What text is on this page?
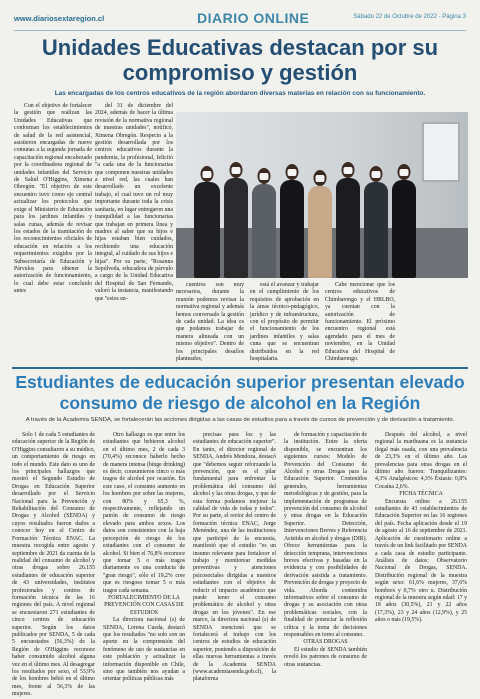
www.diariosextaregion.cl	DIARIO ONLINE	Sábado 22 de Octubre de 2022 - Página 3
Unidades Educativas destacan por su compromiso y gestión
Las encargadas de los centros educativos de la región abordaron diversas materias en relación con su funcionamiento.

Con el objetivo de fortalecer la gestión que realizan las Unidades Educativas que conforman los establecimientos de salud de la red asistencial, asistieron encargadas de nueve comunas a la segunda jornada de capacitación regional encabezado por la coordinadora regional de unidades infantiles del Servicio de Salud O'Higgins, Ximena Obregón. "El objetivo de este encuentro tuvo como eje central actualizar los protocolos que exige el Ministerio de Educación para los jardines infantiles y salas cunas, además de revisar los estados de la tramitación de los reconocimientos oficiales de educación en relación a los requerimientos exigidos por la Subsecretaría de Educación y Párvulos para obtener la autorización de funcionamiento, lo cual debe estar concluido antes

del 31 de diciembre del 2024, además de hacer la última revisión de la normativa regional de nuestras unidades", notificó, Ximena Obregón. Respecto a la gestión desarrollada por los centros educativos durante la pandemia, la profesional, felicitó "a cada una de la funcionarias que componen nuestras unidades a nivel red, las cuales han desarrollado un excelente trabajo, el cual tuvo un rol muy importante durante toda la crisis sanitaria, en lugar entregaron una tranquilidad a las funcionarias que trabajan en primera línea y madres al saber que su hijos e hijas estaban bien cuidados, recibiendo una educación integral, al cuidado de sus hijos e hijas". Por su parte, "Rosanna Sepúlveda, educadora de párvulo a cargo de la Unidad Educativa del Hospital de San Fernando, valoró la instancia, manifestando que "estos en-

cuentros son muy necesarios, durante la reunión podemos revisar la normativa regional y además hemos conversado la gestión de cada unidad. La idea es que podamos trabajar de manera alineada con un mismo objetivo". Dentro de los principales desafíos planteados,

está el avanzar y trabajar en el cumplimiento de los requisitos de aprobación en la áreas técnico-pedagógico, jurídico y de infraestructura, con el propósito de permitir el funcionamiento de los jardines infantiles y salas cuna que se encuentran distribuidos en la red hospitalaria.

Cabe mencionar que los centros educativos de Chimbarongo y el HRLBO, ya cuentan con la autorización de funcionamiento. El próximo encuentro regional está agendado para el mes de noviembre, en la Unidad Educativa del Hospital de Chimbarongo.

Estudiantes de educación superior presentan elevado consumo de riesgo de alcohol en la Región
A través de la Academia SENDA, se fortalecerán las acciones dirigidas a las casas de estudios para a través de cursos de prevención y de derivación a tratamiento.

Solo 1 de cada 5 estudiantes de educación superior de la Región de O'Higgins consultaron a su médico, un comportamiento de riesgo en todo el mundo. Este dato es uno de los principales hallazgos que mostró el Segundo Estudio de Drogas en Educación Superior desarrollado por el Servicio Nacional para la Prevención y Rehabilitación del Consumo de Drogas y Alcohol (SENDA) y cuyos resultados fueron dados a conocer hoy en el Centro de Formación Técnica ENAC. La muestra recogida entre agosto y septiembre de 2021 da cuenta de la realidad del consumo de alcohol y otras drogas sobre 26.155 estudiantes de educación superior de 43 universidades, institutos profesionales y centros de formación técnica de las 16 regiones del país. A nivel regional se encuestaron 271 estudiantes de cinco centros de educación superior. Según los datos publicados por SENDA, 5 de cada 5 encuestados (56,3%) de la Región de O'Higgins reconoce haber consumido alcohol alguna vez en el último mes. Al desagregar los resultados por sexo, el 53,9% de los hombres bebió en el último mes, frente al 56,3% de las mujeres.

Otro hallazgo es que entre los estudiantes que bebieron alcohol en el último mes, 2 de cada 3 (70,4%) reconoce haberlo hecho de manera intensa (binge drinking) es decir, consumieron cinco o más tragos de alcohol por ocasión. En este caso, el consumo aumento en los hombres por sobre las mujeres, con 80% y 65,3 %, respectivamente, reflejando un patrón de consumo de riesgo elevado para ambos sexos. Los datos son consistentes con la baja percepción de riesgo de los estudiantes con el consumo de alcohol. Si bien el 76,8% reconoce que tomar 5 o más tragos diariamente es una conducta de "gran riesgo", sólo el 19,2% cree que es riesgoso tomar 5 o más tragos cada semana.

FORTALECIMIENTO DE LA PREVENCIÓN CON CASAS DE ESTUDIOS

La directora nacional (s) de SENDA, Lorena Cueda, destacó que los resultados "no solo son un aporte en la comprensión del fenómeno de uso de sustancias en este población y actualizar la información disponible en Chile, sino que también nos ayudan a orientar políticas públicas más

precisas para los y las estudiantes de educación superior". En tanto, el director regional de SENDA, Andrés Mendoza, destacó que "debemos seguir reforzando la prevención, que es el pilar fundamental para enfrentar la problemática del consumo del alcohol y las otras drogas, y que de esta forma podamos mejorar la calidad de vida de todas y todos". Por su parte, el rector del centro de formación técnica ENAC, Jorge Menéndez, una de las instituciones que participó de la encuesta, manifestó que el estudio "es un insumo relevante para fortalecer el trabajo y monitorear medidas preventivas y atenciones psicosociales dirigidas a nuestros estudiantes con el objetivo de reducir el impacto académico que puede tener el consumo problemático de alcohol y otras drogas en los jóvenes". En ese marco, la directora nacional (s) de SENDA mencionó que se fortalecerá el trabajo con los centros de estudios de educación superior, poniendo a disposición de ellas nuevas herramientas a través de la Academia SENDA (www.academiasenda.gob.cl), la plataforma

de formación y capacitación de la institución. Entre la oferta disponible, se encuentran los siguientes cursos: Modelo de Prevención del Consumo de Alcohol y otras Drogas para la Educación Superior. Contenidos generales, herramientas metodológicas y de gestión, para la implementación de programas de prevención del consumo de alcohol y otras drogas en la Educación Superior. Detección, Intervenciones Breves y Referencia Asistida en alcohol y drogas (DIR). Ofrece herramientas para la detección temprana, intervenciones breves efectivas y basadas en la evidencia y con posibilidades de derivación asistida a tratamiento. Prevención de drogas y proyecto de vida. Aborda contenidos informativos sobre el consumo de drogas y su asociación con otras problemáticas sociales, con la finalidad de potenciar la reflexión crítica y la toma de decisiones responsables en torno al consumo.

OTRAS DROGAS

El estudio de SENDA también reveló los patrones de consumo de otras sustancias.

Después del alcohol, a nivel regional la marihuana es la sustancia ilegal más usada, con una prevalencia de 23,3% en el último año. Las prevalencias para otras drogas en el último año fueron: Tranquilizantes: 4,3% Analgésicos: 4,3% Éxtasis: 0,8% Cocaína 2,6%.

FICHA TÉCNICA

Encuesta online a 26.155 estudiantes de 43 establecimientos de Educación Superior en las 16 regiones del país. Fecha aplicación desde el 19 de agosto al 16 de septiembre de 2021. Aplicación de cuestionario online a través de un link facilitado por SENDA a cada casa de estudio participante. Análisis de datos: Observatorio Nacional de Drogas, SENDA. Distribución regional de la muestra según sexo: 61,6% mujeres, 37,6% hombres y 0,7% otro u. Distribución regional de la muestra según edad: 17 y 18 años (30,5%), 21 y 22 años (17,3%), 23 y 24 años (12,9%), y 25 años o más (19,5%).
